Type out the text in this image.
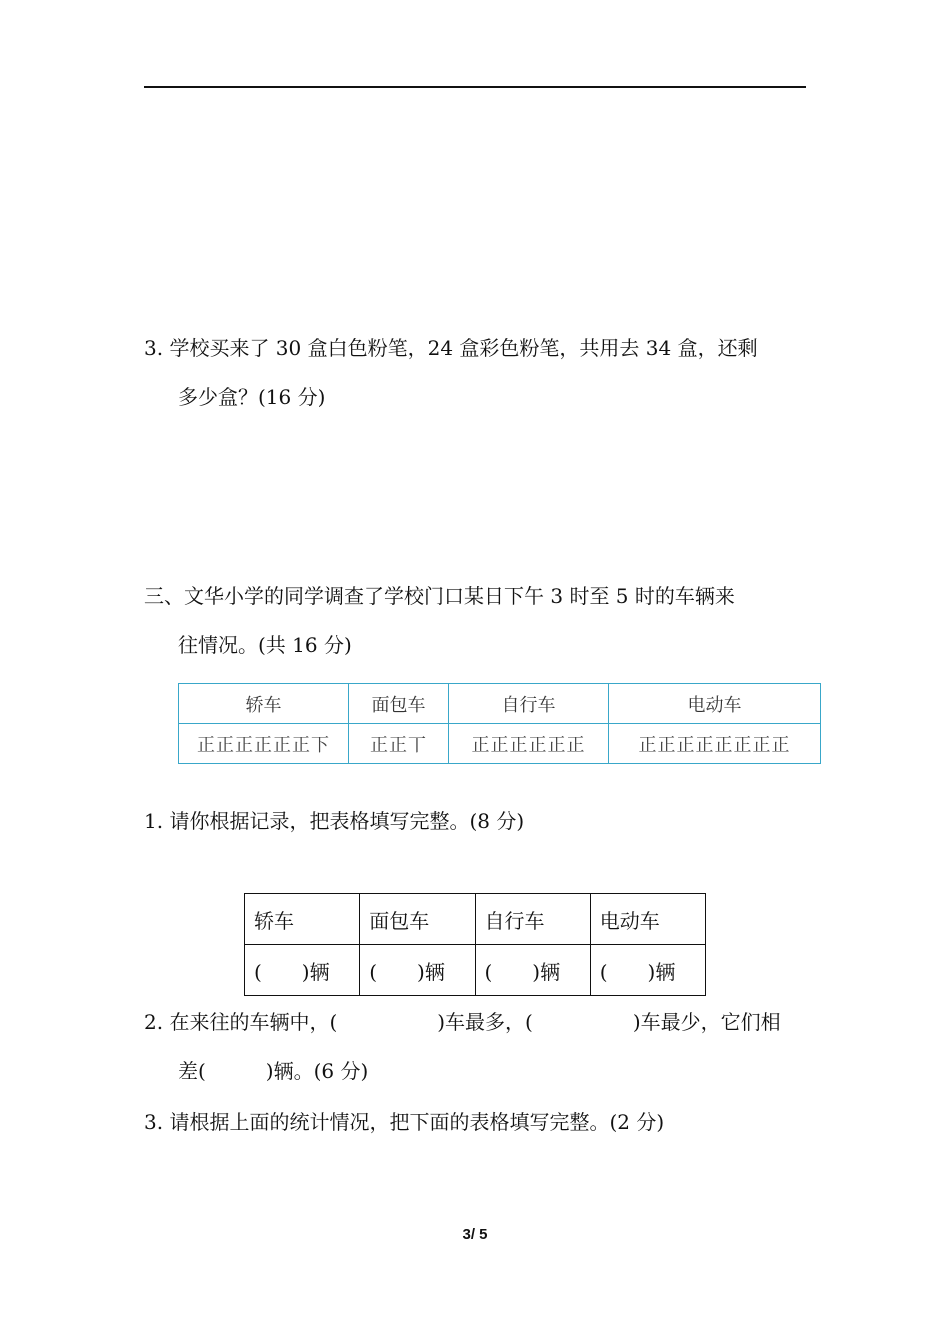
3. 学校买来了 30 盒白色粉笔，24 盒彩色粉笔，共用去 34 盒，还剩
多少盒？(16 分)
三、文华小学的同学调查了学校门口某日下午 3 时至 5 时的车辆来
往情况。(共 16 分)
轿车	面包车	自行车	电动车
正正正正正正下	正正丅	正正正正正正	正正正正正正正正
1. 请你根据记录，把表格填写完整。(8 分)
轿车	面包车	自行车	电动车
(　　)辆	(　　)辆	(　　)辆	(　　)辆
2. 在来往的车辆中，(　　　　　)车最多，(　　　　　)车最少，它们相
差(　　　)辆。(6 分)
3. 请根据上面的统计情况，把下面的表格填写完整。(2 分)
3/ 5
